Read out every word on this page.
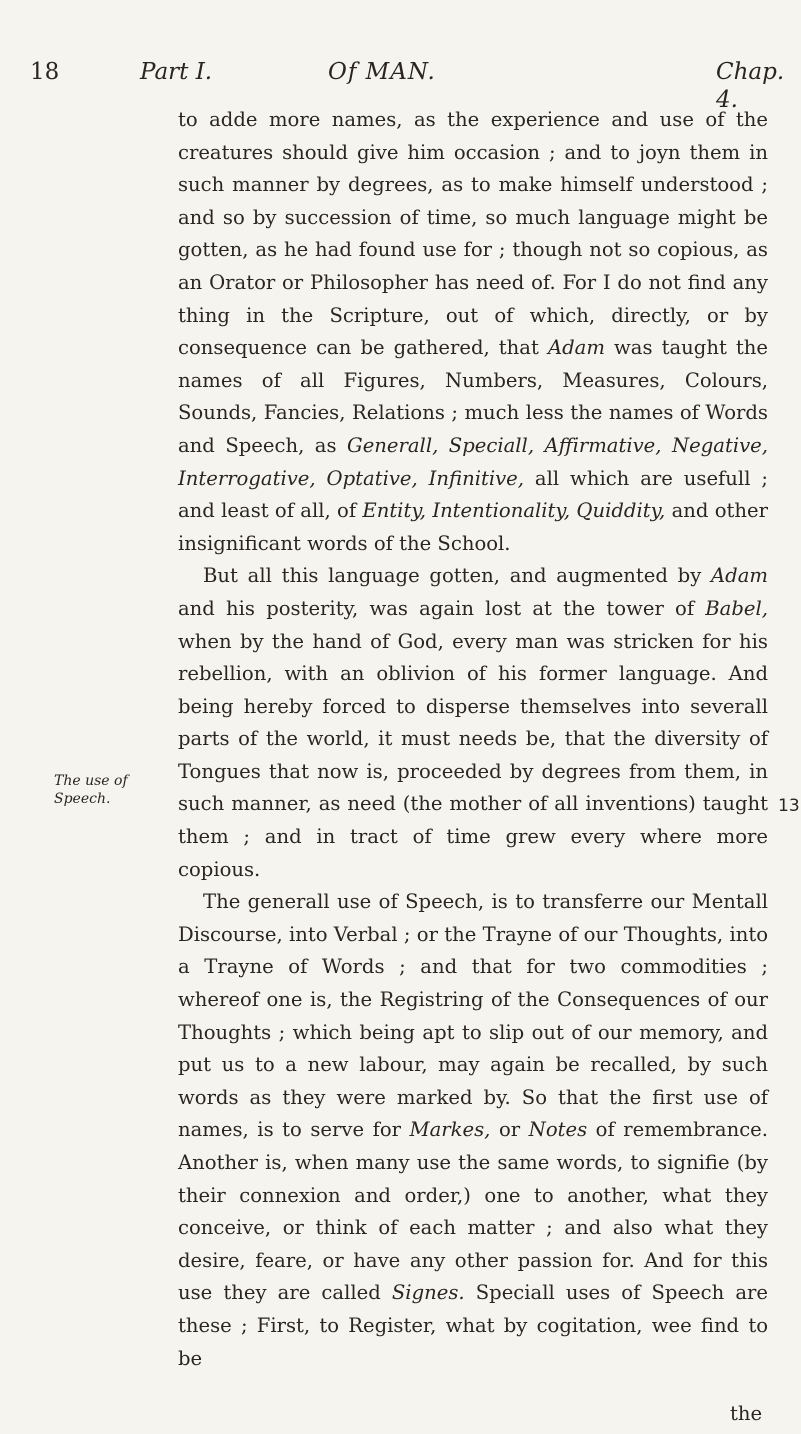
18	Part I.	Of MAN.	Chap. 4.
The use of
Speech.	13

to adde more names, as the experience and use of the creatures should give him occasion ; and to joyn them in such manner by degrees, as to make himself understood ; and so by succession of time, so much language might be gotten, as he had found use for ; though not so copious, as an Orator or Philosopher has need of. For I do not find any thing in the Scripture, out of which, directly, or by consequence can be gathered, that Adam was taught the names of all Figures, Numbers, Measures, Colours, Sounds, Fancies, Relations ; much less the names of Words and Speech, as Generall, Speciall, Affirmative, Negative, Interrogative, Optative, Infinitive, all which are usefull ; and least of all, of Entity, Intentionality, Quiddity, and other insignificant words of the School.

But all this language gotten, and augmented by Adam and his posterity, was again lost at the tower of Babel, when by the hand of God, every man was stricken for his rebellion, with an oblivion of his former language. And being hereby forced to disperse themselves into severall parts of the world, it must needs be, that the diversity of Tongues that now is, proceeded by degrees from them, in such manner, as need (the mother of all inventions) taught them ; and in tract of time grew every where more copious.

The generall use of Speech, is to transferre our Mentall Discourse, into Verbal ; or the Trayne of our Thoughts, into a Trayne of Words ; and that for two commodities ; whereof one is, the Registring of the Consequences of our Thoughts ; which being apt to slip out of our memory, and put us to a new labour, may again be recalled, by such words as they were marked by. So that the first use of names, is to serve for Markes, or Notes of remembrance. Another is, when many use the same words, to signifie (by their connexion and order,) one to another, what they conceive, or think of each matter ; and also what they desire, feare, or have any other passion for. And for this use they are called Signes. Speciall uses of Speech are these ; First, to Register, what by cogitation, wee find to be

the
